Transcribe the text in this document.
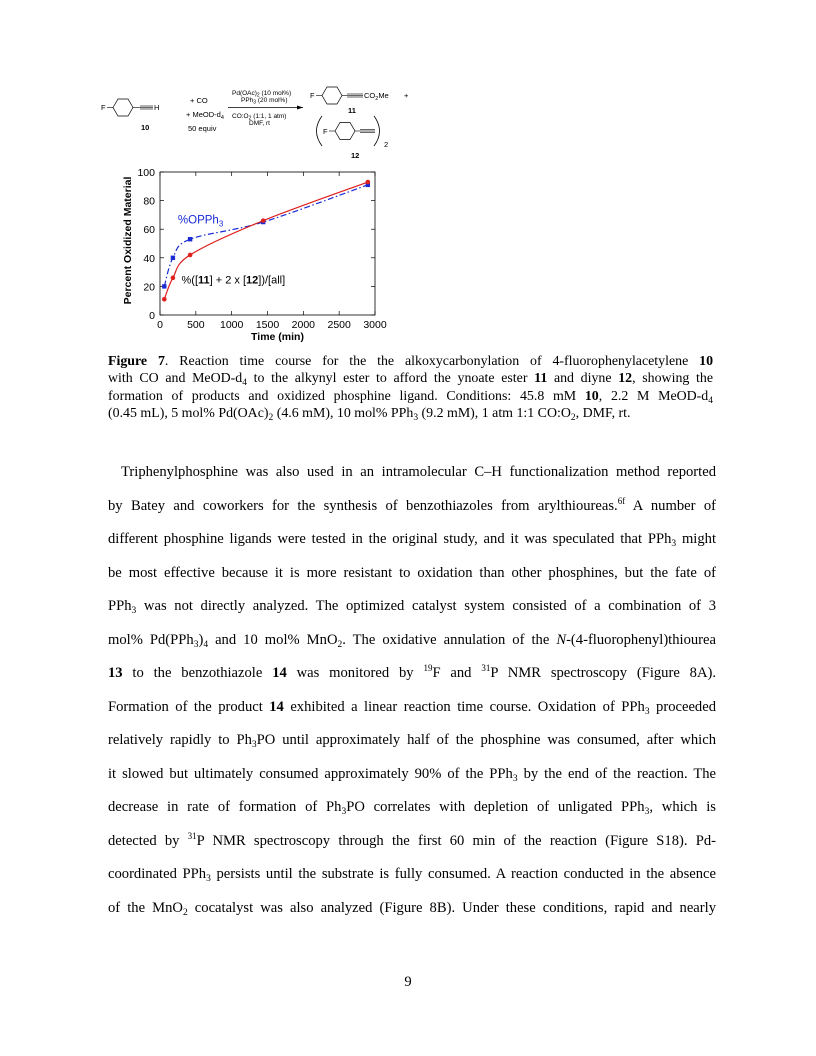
F	H
10
+ CO
+ MeOD-$d_4$
50 equiv
$Pd(OAc)_2$ (10 mol%)
PPh$_3$ (20 mol%)
$CO:O_2$ (1:1, 1 atm)
DMF, rt
F	$CO_2Me$ +
11
F
2
12
0 500 1000 1500 2000 2500 3000
0
20
40
60
80
100
Time (min)
Percent Oxidized Material	%OPPh$_3$
%([11] + 2 x [12])/[all]
Figure 7. Reaction time course for the the alkoxycarbonylation of 4-fluorophenylacetylene 10
with CO and MeOD-$d_4$ to the alkynyl ester to afford the ynoate ester 11 and diyne 12, showing the
formation of products and oxidized phosphine ligand. Conditions: 45.8 mM 10, 2.2 M MeOD-$d_4$
(0.45 mL), 5 mol% $Pd(OAc)_2$ (4.6 mM), 10 mol% PPh$_3$ (9.2 mM), 1 atm 1:1 $CO:O_2$, DMF, rt.
Triphenylphosphine was also used in an intramolecular C–H functionalization method reported
by Batey and coworkers for the synthesis of benzothiazoles from arylthioureas.$^{6f}$ A number of
different phosphine ligands were tested in the original study, and it was speculated that PPh$_3$ might
be most effective because it is more resistant to oxidation than other phosphines, but the fate of
PPh$_3$ was not directly analyzed. The optimized catalyst system consisted of a combination of 3
mol% $Pd(PPh_3)_4$ and 10 mol% MnO$_2$. The oxidative annulation of the N-(4-fluorophenyl)thiourea
13 to the benzothiazole 14 was monitored by $^{19}$F and $^{31}$P NMR spectroscopy (Figure 8A).
Formation of the product 14 exhibited a linear reaction time course. Oxidation of PPh$_3$ proceeded
relatively rapidly to $Ph_3PO$ until approximately half of the phosphine was consumed, after which
it slowed but ultimately consumed approximately 90% of the PPh$_3$ by the end of the reaction. The
decrease in rate of formation of $Ph_3PO$ correlates with depletion of unligated PPh$_3$, which is
detected by $^{31}$P NMR spectroscopy through the first 60 min of the reaction (Figure S18). Pd-
coordinated PPh$_3$ persists until the substrate is fully consumed. A reaction conducted in the absence
of the MnO$_2$ cocatalyst was also analyzed (Figure 8B). Under these conditions, rapid and nearly
9
